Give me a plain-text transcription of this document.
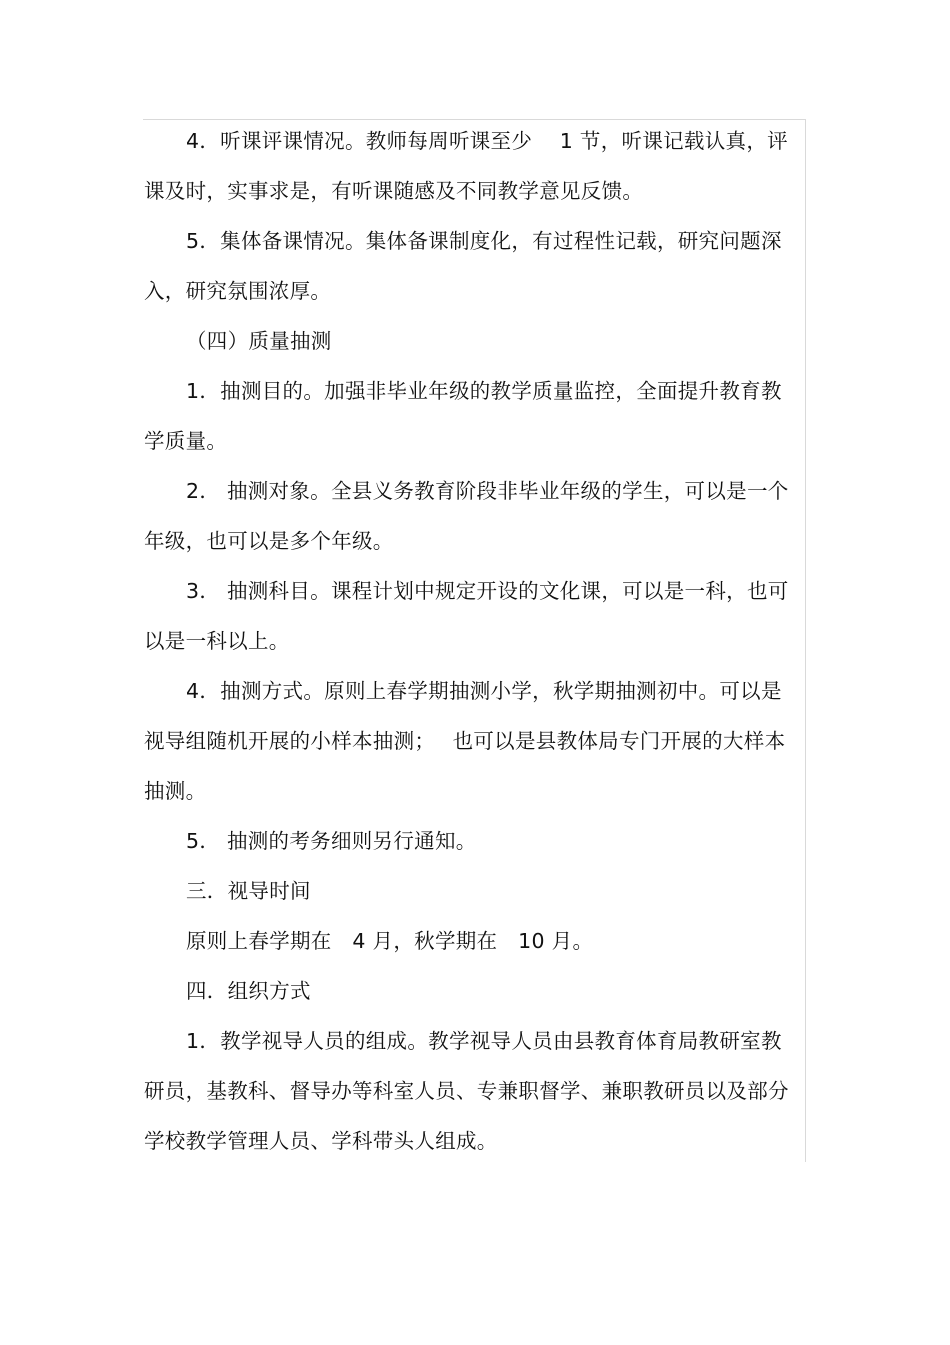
4．听课评课情况。教师每周听课至少　 1 节，听课记载认真，评课及时，实事求是，有听课随感及不同教学意见反馈。

5．集体备课情况。集体备课制度化，有过程性记载，研究问题深入，研究氛围浓厚。

（四）质量抽测

1．抽测目的。加强非毕业年级的教学质量监控，全面提升教育教学质量。

2． 抽测对象。全县义务教育阶段非毕业年级的学生，可以是一个年级，也可以是多个年级。

3． 抽测科目。课程计划中规定开设的文化课，可以是一科，也可以是一科以上。

4．抽测方式。原则上春学期抽测小学，秋学期抽测初中。可以是视导组随机开展的小样本抽测；　 也可以是县教体局专门开展的大样本抽测。

5． 抽测的考务细则另行通知。

三．视导时间

原则上春学期在　4 月，秋学期在　10 月。

四．组织方式

1．教学视导人员的组成。教学视导人员由县教育体育局教研室教研员，基教科、督导办等科室人员、专兼职督学、兼职教研员以及部分学校教学管理人员、学科带头人组成。
